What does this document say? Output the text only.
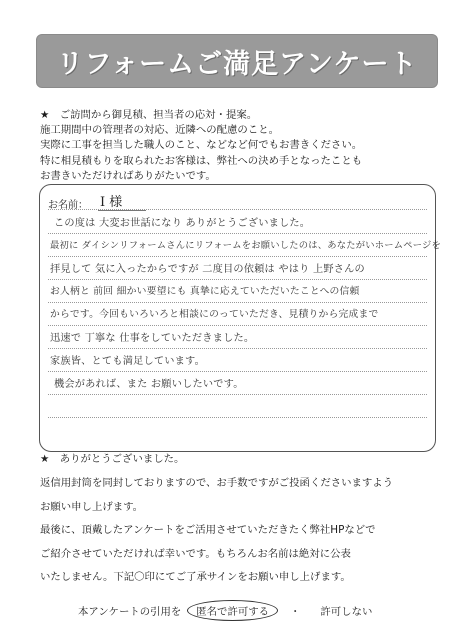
リフォームご満足アンケート
★　ご訪問から御見積、担当者の応対・提案。
施工期間中の管理者の対応、近隣への配慮のこと。
実際に工事を担当した職人のこと、などなど何でもお書きください。
特に相見積もりを取られたお客様は、弊社への決め手となったことも
お書きいただければありがたいです。
お名前： I 様
この度は 大変お世話になり ありがとうございました。
最初に ダイシンリフォームさんにリフォームをお願いしたのは、あなたがいホームページを
拝見して 気に入ったからですが 二度目の依頼は やはり 上野さんの
お人柄と 前回 細かい要望にも 真摯に応えていただいたことへの信頼
からです。今回もいろいろと相談にのっていただき、見積りから完成まで
迅速で 丁寧な 仕事をしていただきました。
家族皆、とても満足しています。
機会があれば、また お願いしたいです。
★　ありがとうございました。
返信用封筒を同封しておりますので、お手数ですがご投函くださいますよう
お願い申し上げます。
最後に、頂戴したアンケートをご活用させていただきたく弊社HPなどで
ご紹介させていただければ幸いです。もちろんお名前は絶対に公表
いたしません。下記〇印にてご了承サインをお願い申し上げます。
本アンケートの引用を	匿名で許可する	・	許可しない
